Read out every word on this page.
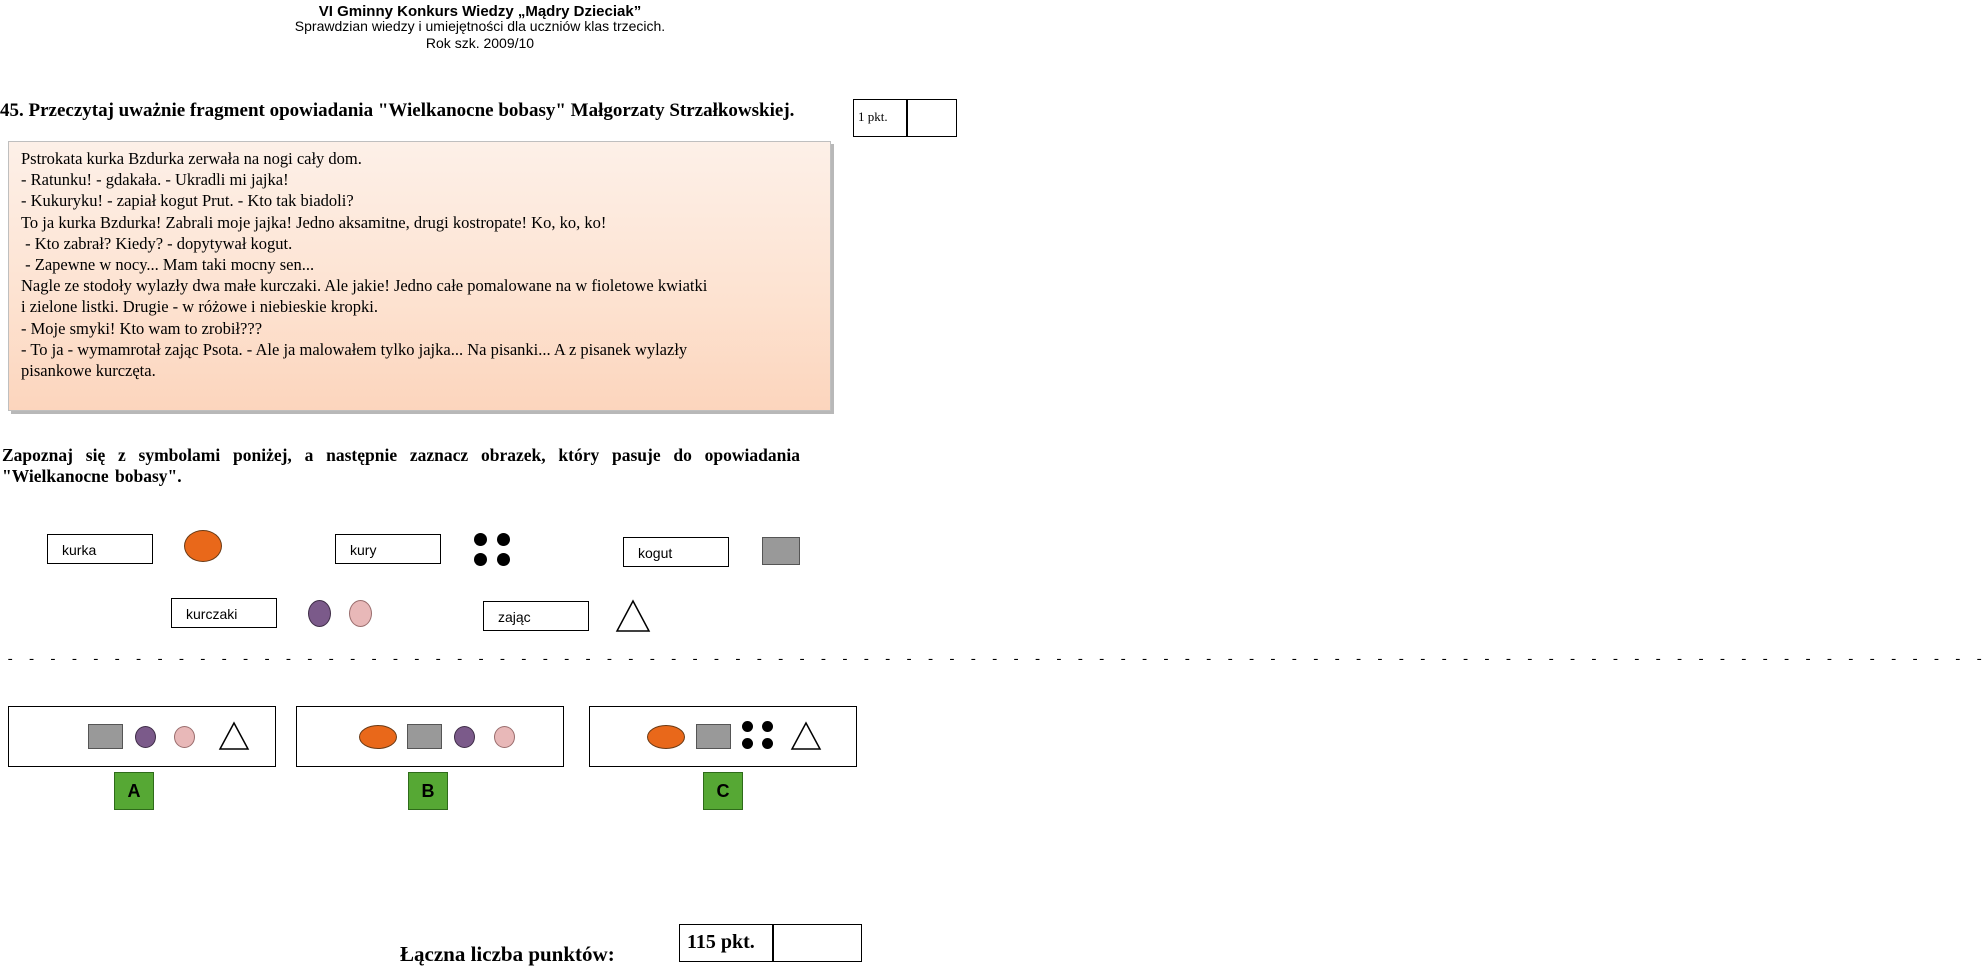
VI Gminny Konkurs Wiedzy „Mądry Dzieciak”
Sprawdzian wiedzy i umiejętności dla uczniów klas trzecich.
Rok szk. 2009/10
45. Przeczytaj uważnie fragment opowiadania "Wielkanocne bobasy" Małgorzaty Strzałkowskiej.	1 pkt.
Pstrokata kurka Bzdurka zerwała na nogi cały dom.
- Ratunku! - gdakała. - Ukradli mi jajka!
- Kukuryku! - zapiał kogut Prut. - Kto tak biadoli?
To ja kurka Bzdurka! Zabrali moje jajka! Jedno aksamitne, drugi kostropate! Ko, ko, ko!
- Kto zabrał? Kiedy? - dopytywał kogut.
- Zapewne w nocy... Mam taki mocny sen...
Nagle ze stodoły wylazły dwa małe kurczaki. Ale jakie! Jedno całe pomalowane na w fioletowe kwiatki
i zielone listki. Drugie - w różowe i niebieskie kropki.
- Moje smyki! Kto wam to zrobił???
- To ja - wymamrotał zając Psota. - Ale ja malowałem tylko jajka... Na pisanki... A z pisanek wylazły
pisankowe kurczęta.
Zapoznaj się z symbolami poniżej, a następnie zaznacz obrazek, który pasuje do opowiadania "Wielkanocne bobasy".
kurka	kury	kogut
kurczaki	zając
- - - - - - - - - - - - - - - - - - - - - - - - - - - - - - - - - - - - - - - - - - - - - - - - - - - - - - - - - - - - - - - - - - - - - - - - - - - - - - - - - - - - - - - - - - - - -
A	B	C
Łączna liczba punktów:	115 pkt.
